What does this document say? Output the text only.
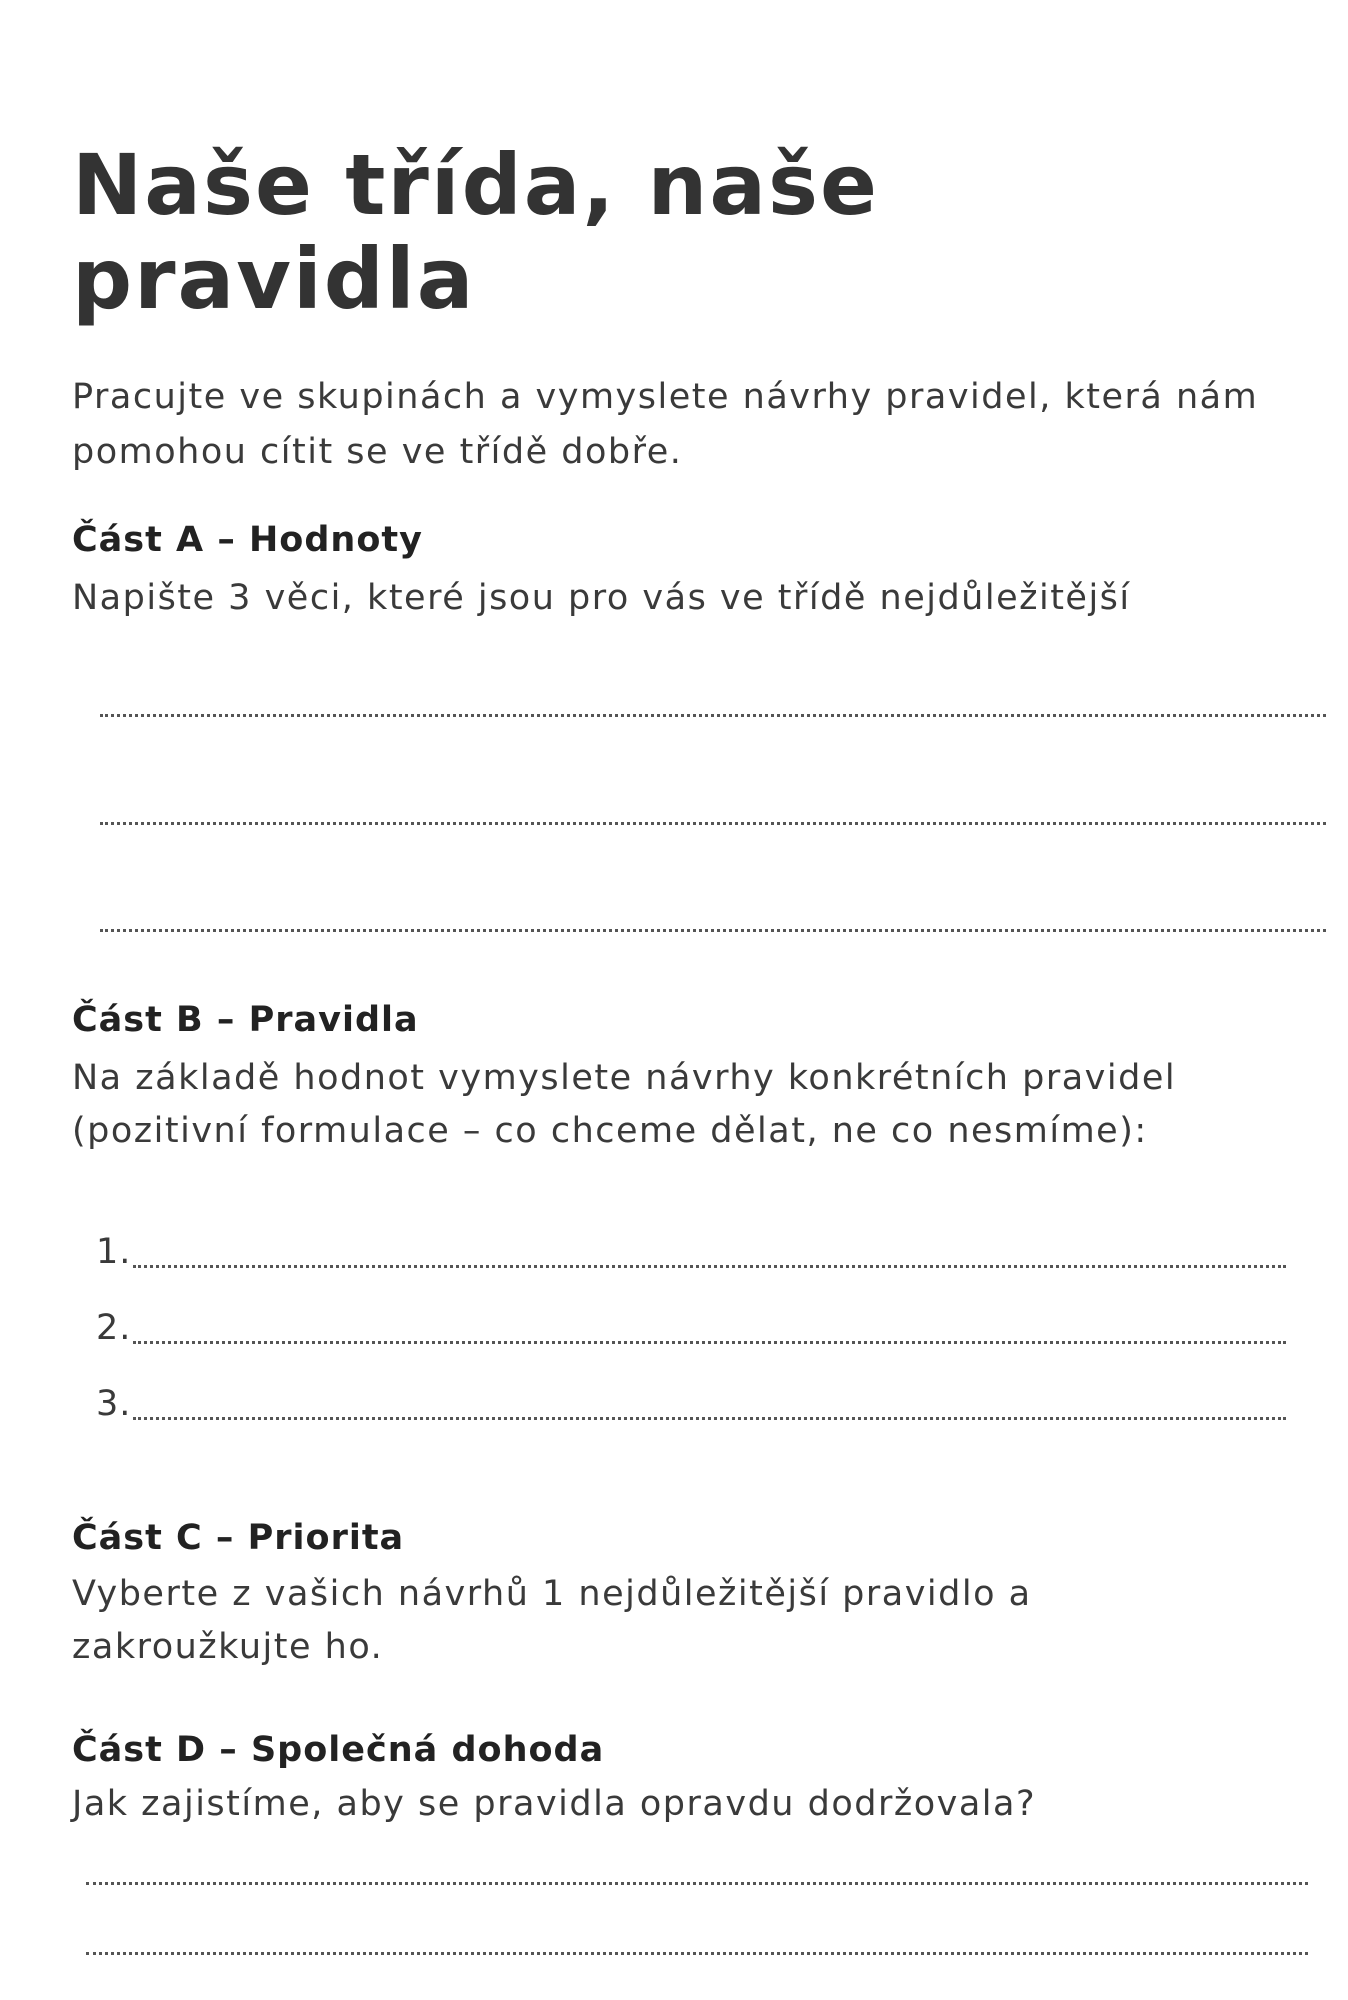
Naše třída, naše pravidla

Pracujte ve skupinách a vymyslete návrhy pravidel, která nám pomohou cítit se ve třídě dobře.

Část A – Hodnoty

Napište 3 věci, které jsou pro vás ve třídě nejdůležitější

Část B – Pravidla

Na základě hodnot vymyslete návrhy konkrétních pravidel (pozitivní formulace – co chceme dělat, ne co nesmíme):

1.
2.
3.
Část C – Priorita

Vyberte z vašich návrhů 1 nejdůležitější pravidlo a zakroužkujte ho.

Část D – Společná dohoda

Jak zajistíme, aby se pravidla opravdu dodržovala?
